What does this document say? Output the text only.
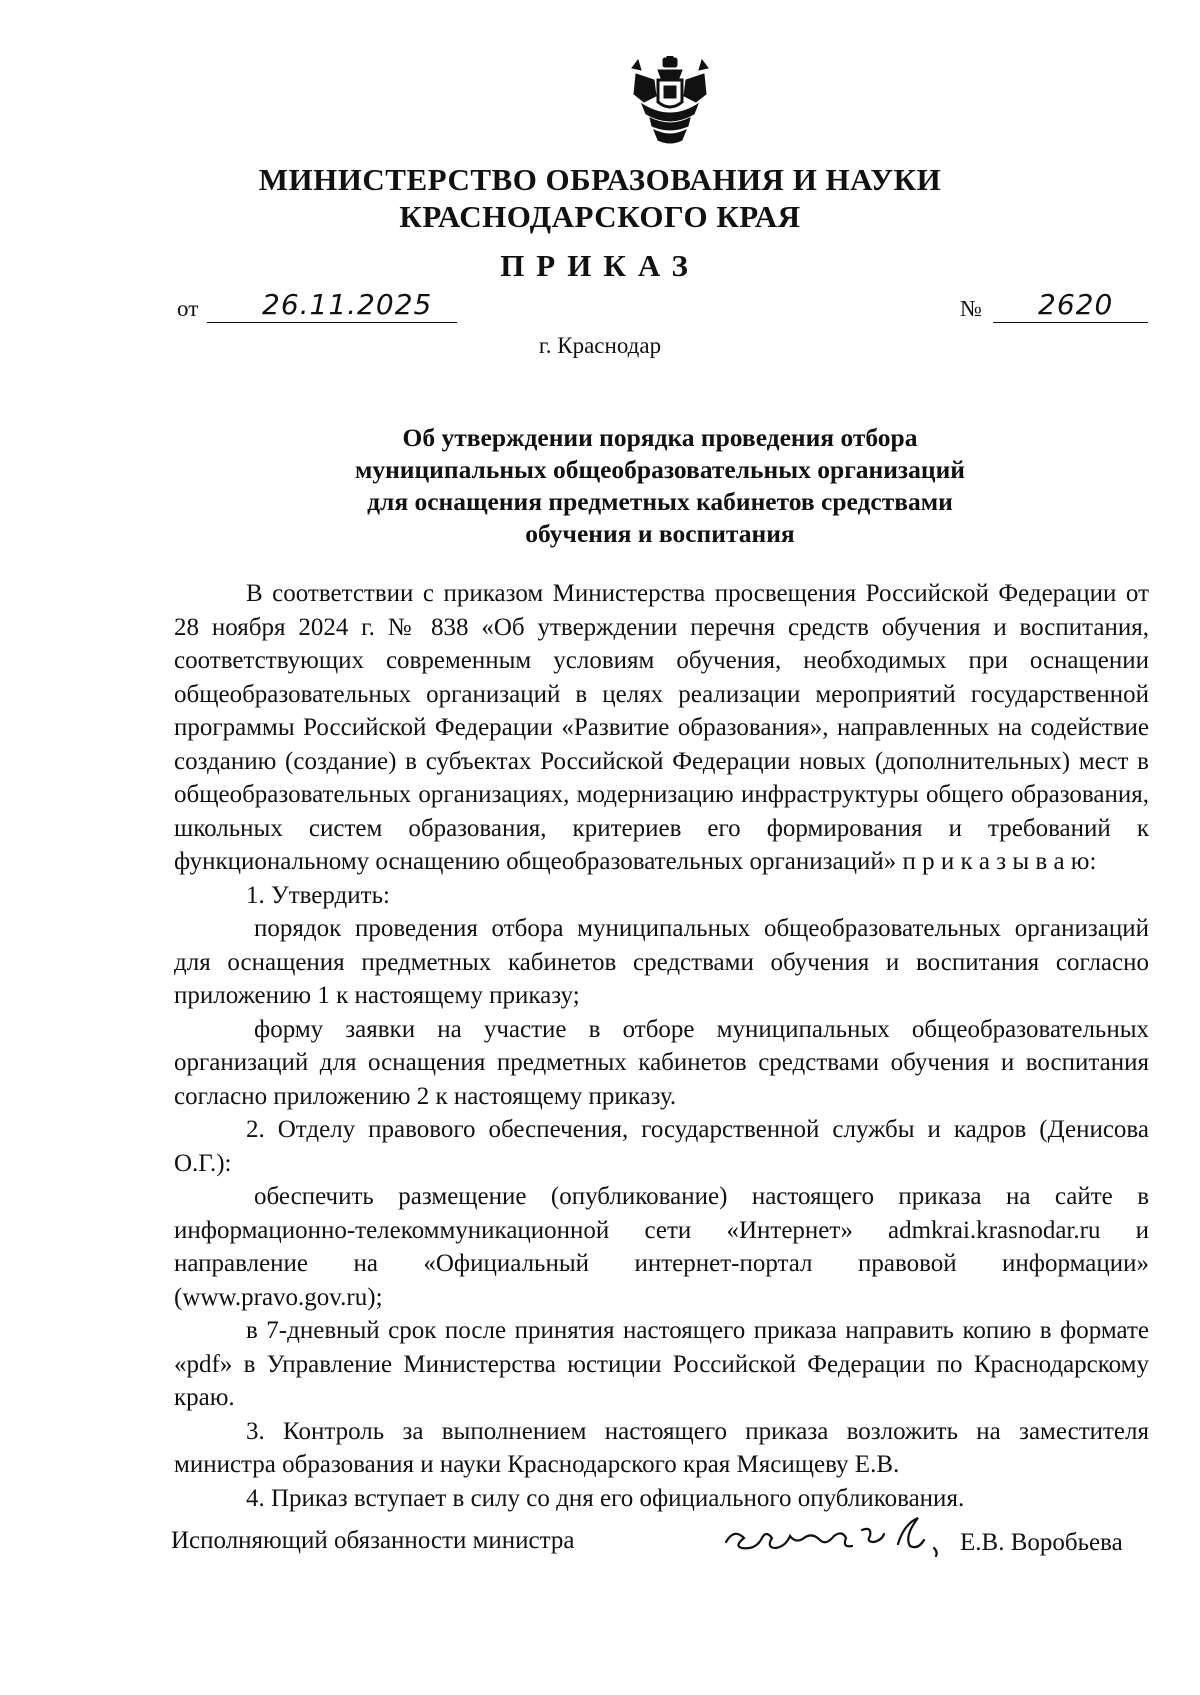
МИНИСТЕРСТВО ОБРАЗОВАНИЯ И НАУКИ
КРАСНОДАРСКОГО КРАЯ
ПРИКАЗ
от 26.11.2025	№ 2620
г. Краснодар
Об утверждении порядка проведения отбора
муниципальных общеобразовательных организаций
для оснащения предметных кабинетов средствами
обучения и воспитания

В соответствии с приказом Министерства просвещения Российской Федерации от 28 ноября 2024 г. № 838 «Об утверждении перечня средств обучения и воспитания, соответствующих современным условиям обучения, необходимых при оснащении общеобразовательных организаций в целях реализации мероприятий государственной программы Российской Федерации «Развитие образования», направленных на содействие созданию (создание) в субъектах Российской Федерации новых (дополнительных) мест в общеобразовательных организациях, модернизацию инфраструктуры общего образования, школьных систем образования, критериев его формирования и требований к функциональному оснащению общеобразовательных организаций» п р и к а з ы в а ю:

1. Утвердить:

порядок проведения отбора муниципальных общеобразовательных организаций для оснащения предметных кабинетов средствами обучения и воспитания согласно приложению 1 к настоящему приказу;

форму заявки на участие в отборе муниципальных общеобразовательных организаций для оснащения предметных кабинетов средствами обучения и воспитания согласно приложению 2 к настоящему приказу.

2. Отделу правового обеспечения, государственной службы и кадров (Денисова О.Г.):

обеспечить размещение (опубликование) настоящего приказа на сайте в информационно-телекоммуникационной сети «Интернет» admkrai.krasnodar.ru и направление на «Официальный интернет-портал правовой информации» (www.pravo.gov.ru);

в 7-дневный срок после принятия настоящего приказа направить копию в формате «pdf» в Управление Министерства юстиции Российской Федерации по Краснодарскому краю.

3. Контроль за выполнением настоящего приказа возложить на заместителя министра образования и науки Краснодарского края Мясищеву Е.В.

4. Приказ вступает в силу со дня его официального опубликования.

Исполняющий обязанности министра	Е.В. Воробьева
